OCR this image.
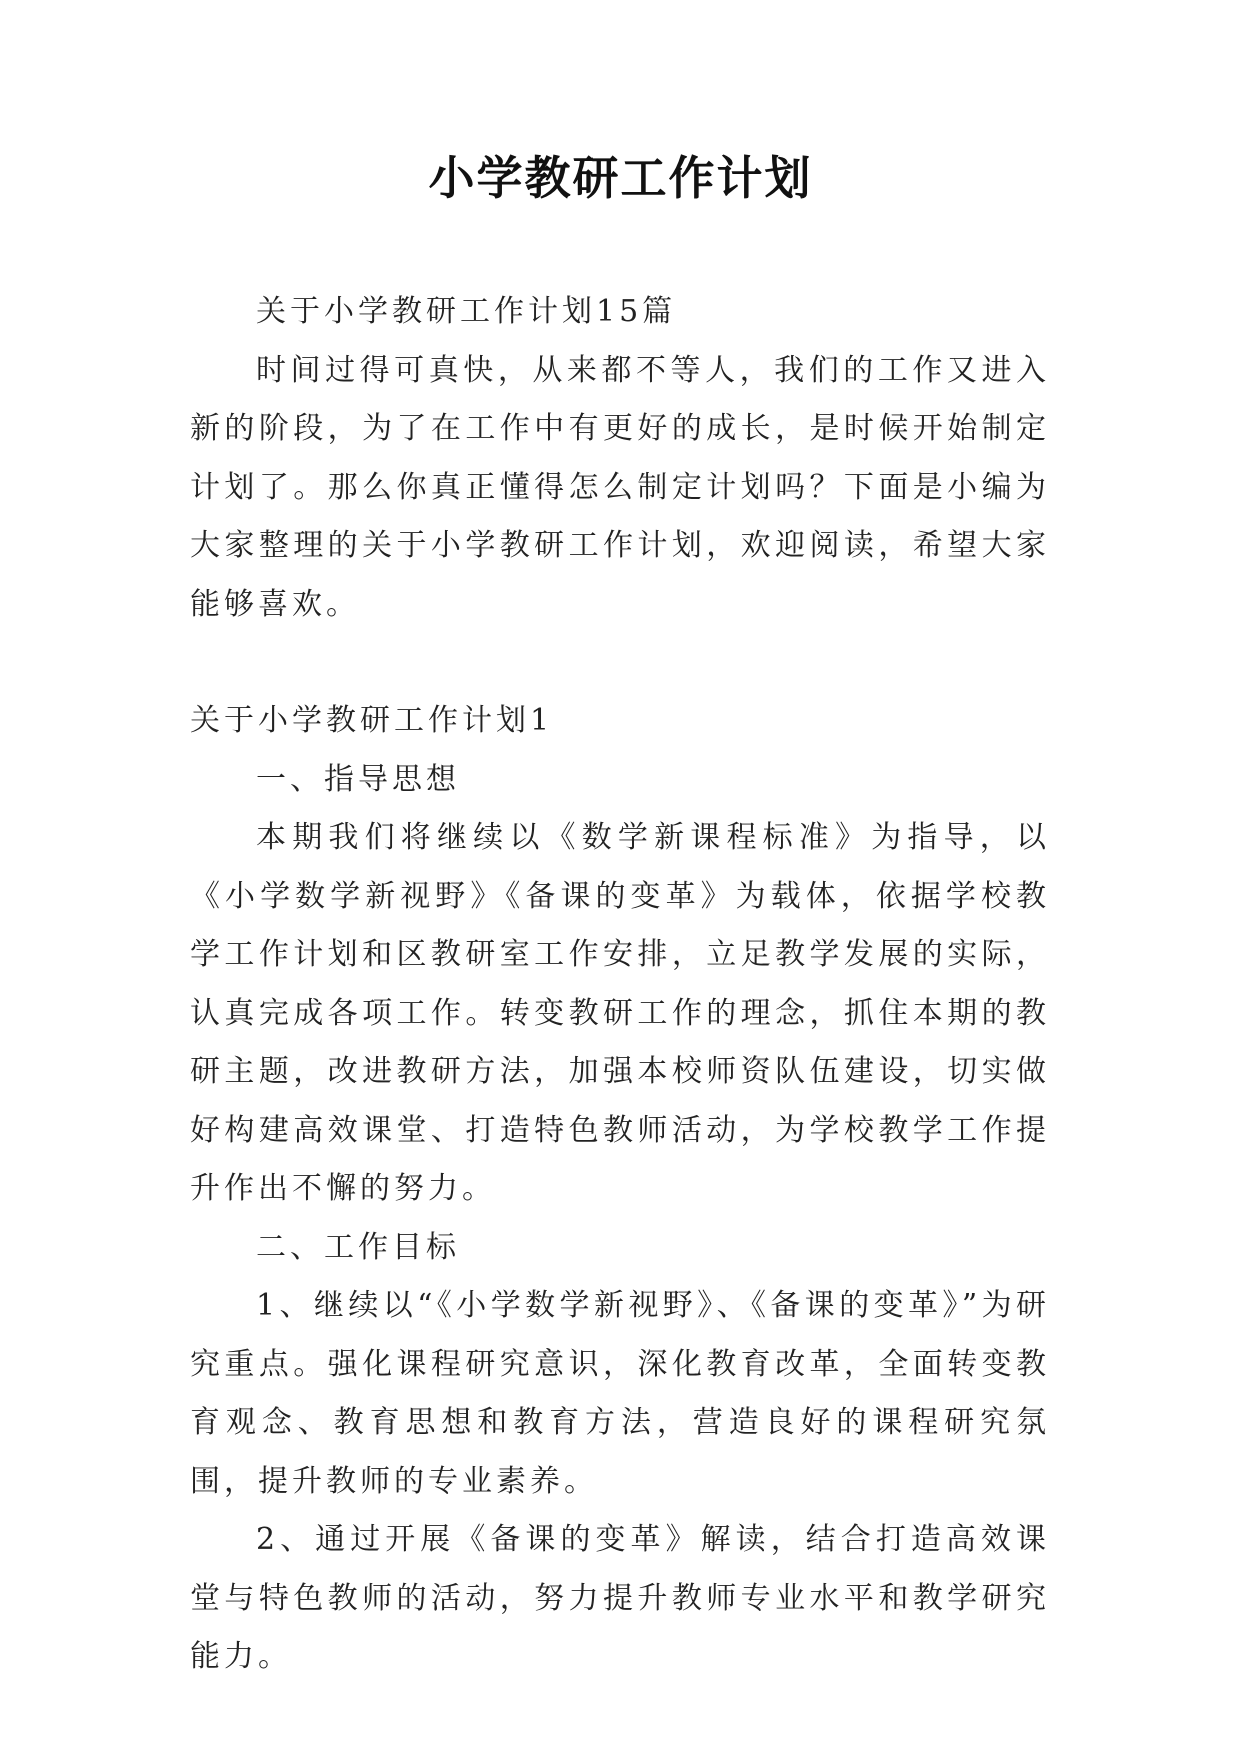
小学教研工作计划

关于小学教研工作计划15篇

时间过得可真快，从来都不等人，我们的工作又进入新的阶段，为了在工作中有更好的成长，是时候开始制定计划了。那么你真正懂得怎么制定计划吗？下面是小编为大家整理的关于小学教研工作计划，欢迎阅读，希望大家能够喜欢。

关于小学教研工作计划1

一、指导思想

本期我们将继续以《数学新课程标准》为指导，以《小学数学新视野》《备课的变革》为载体，依据学校教学工作计划和区教研室工作安排，立足教学发展的实际，认真完成各项工作。转变教研工作的理念，抓住本期的教研主题，改进教研方法，加强本校师资队伍建设，切实做好构建高效课堂、打造特色教师活动，为学校教学工作提升作出不懈的努力。

二、工作目标

1、继续以“《小学数学新视野》、《备课的变革》”为研究重点。强化课程研究意识，深化教育改革，全面转变教育观念、教育思想和教育方法，营造良好的课程研究氛围，提升教师的专业素养。

2、通过开展《备课的变革》解读，结合打造高效课堂与特色教师的活动，努力提升教师专业水平和教学研究能力。
